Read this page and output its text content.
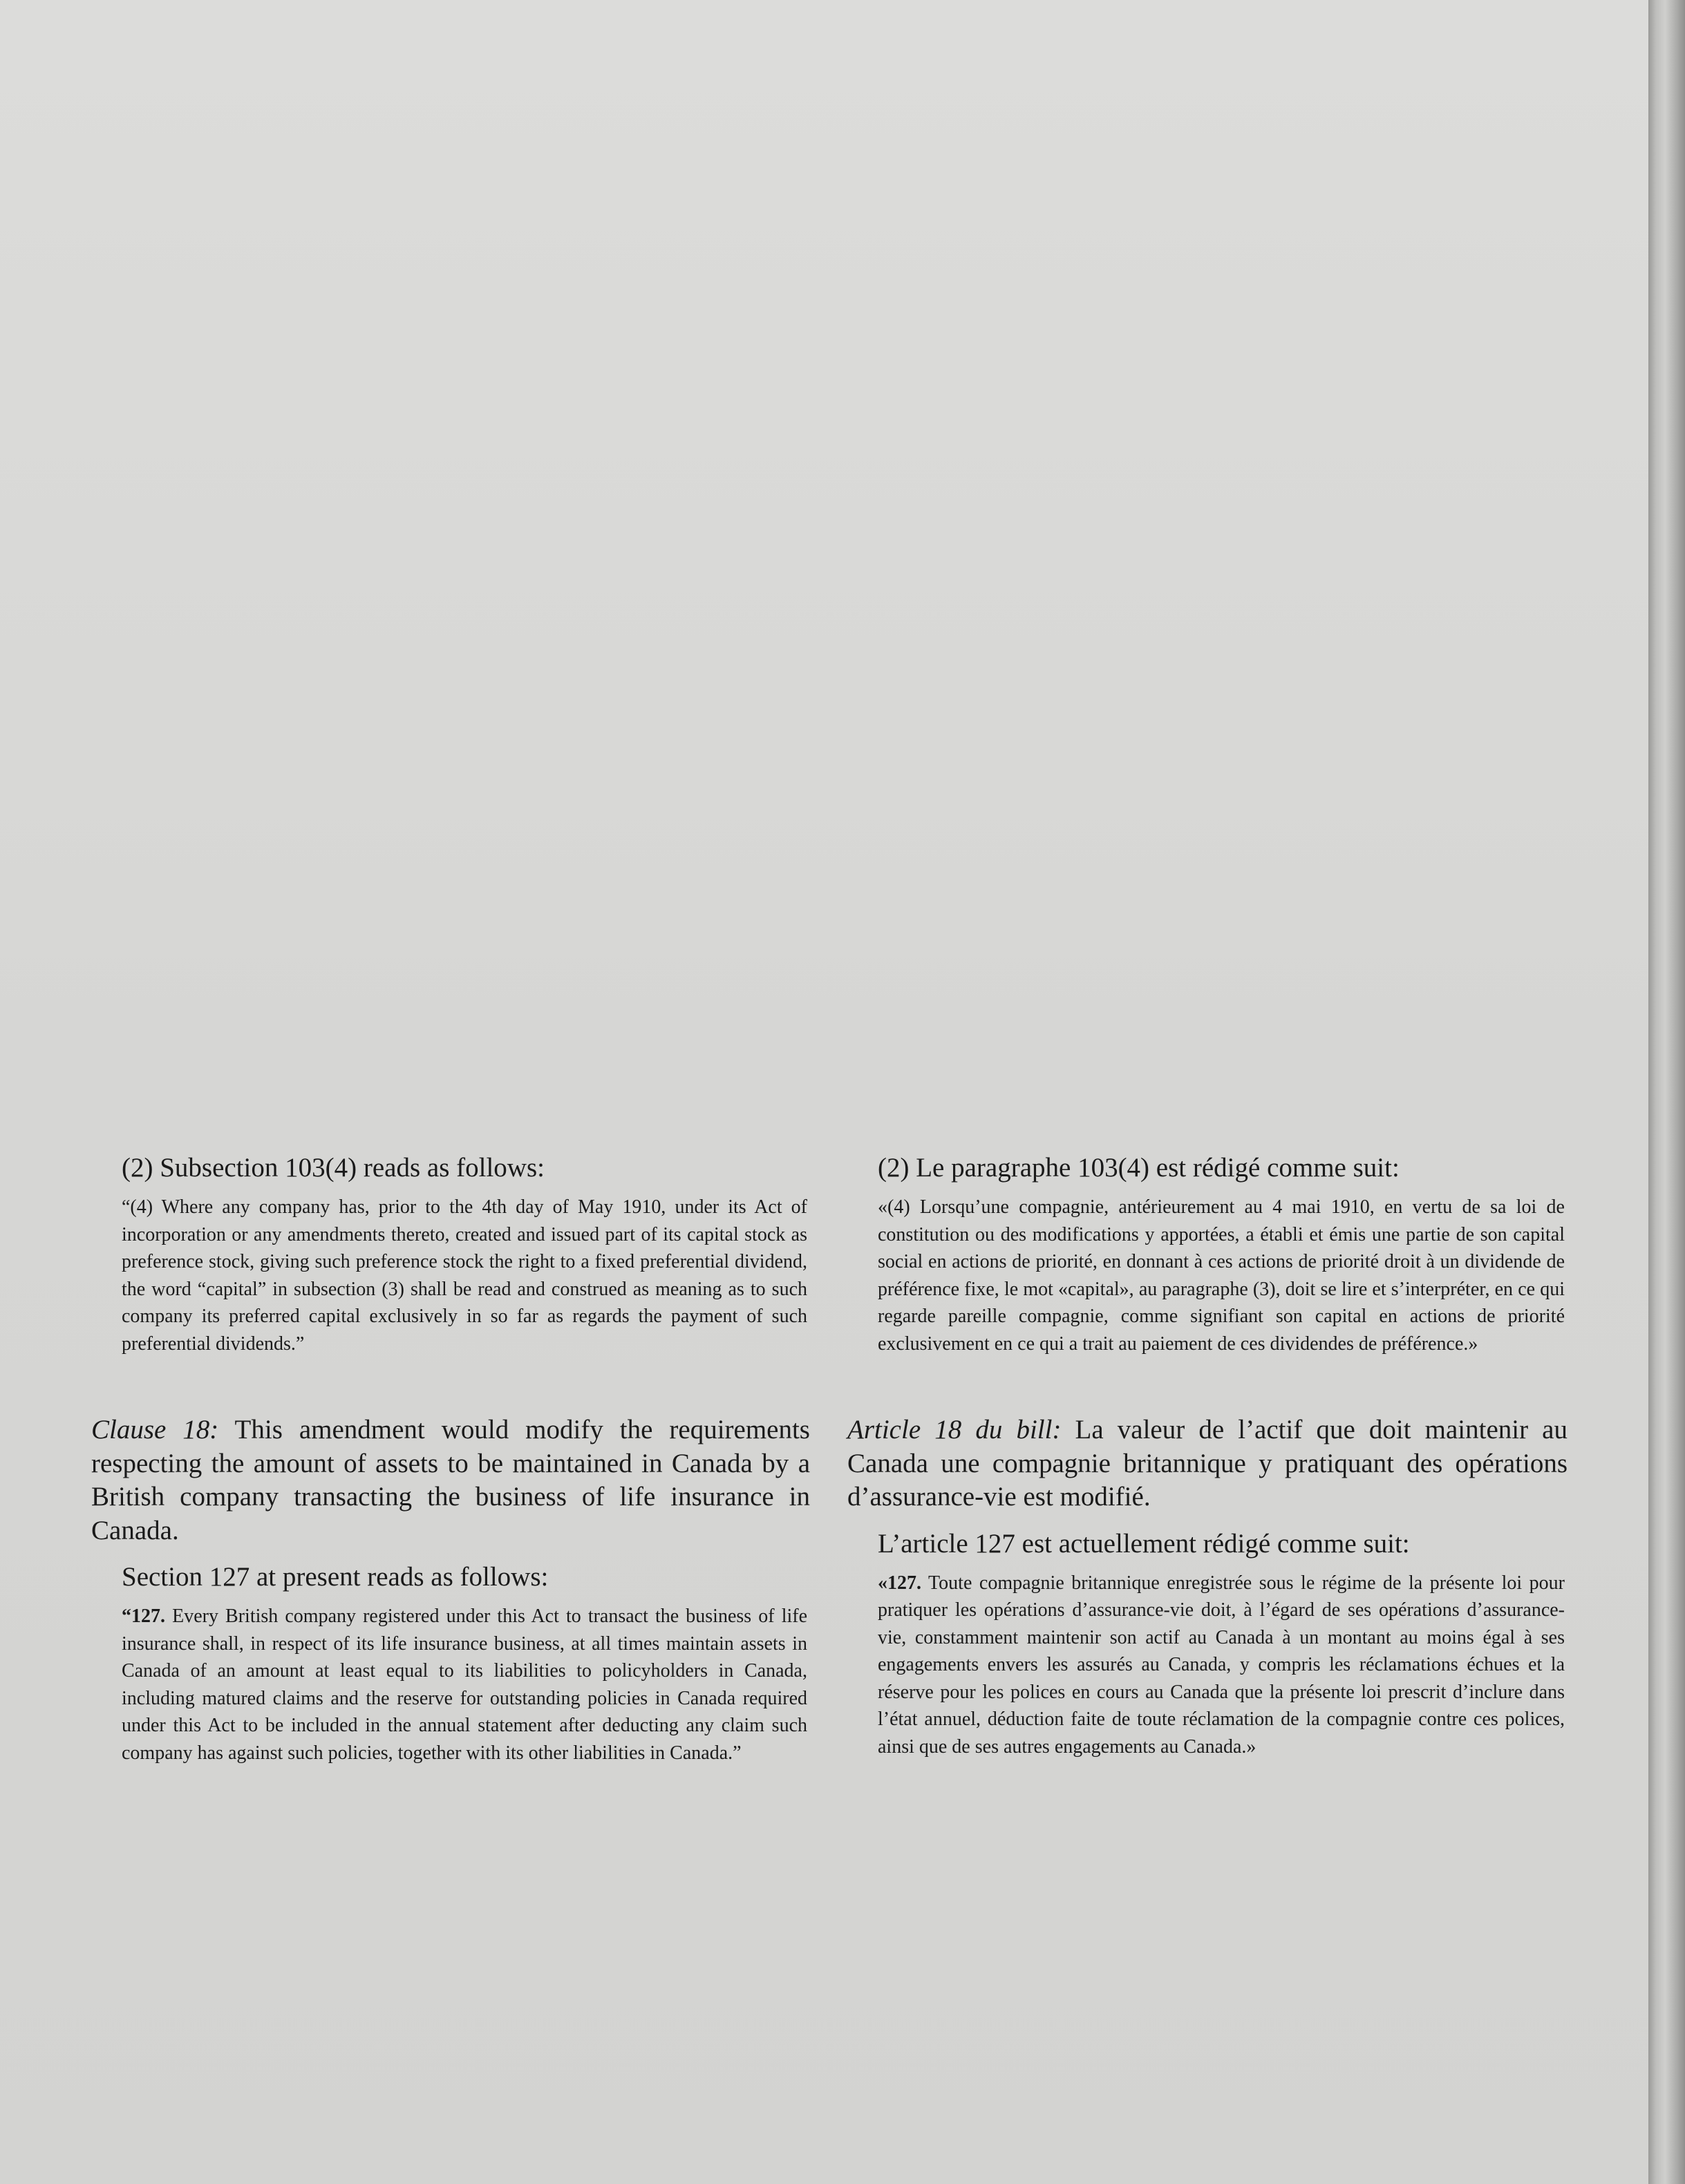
(2) Subsection 103(4) reads as follows:

“(4) Where any company has, prior to the 4th day of May 1910, under its Act of incorporation or any amendments thereto, created and issued part of its capital stock as preference stock, giving such preference stock the right to a fixed preferential dividend, the word “capital” in subsection (3) shall be read and construed as meaning as to such company its preferred capital exclusively in so far as regards the payment of such preferential dividends.”

Clause 18: This amendment would modify the requirements respecting the amount of assets to be maintained in Canada by a British company transacting the business of life insurance in Canada.

Section 127 at present reads as follows:

“127. Every British company registered under this Act to transact the business of life insurance shall, in respect of its life insurance business, at all times maintain assets in Canada of an amount at least equal to its liabilities to policyholders in Canada, including matured claims and the reserve for outstanding policies in Canada required under this Act to be included in the annual statement after deducting any claim such company has against such policies, together with its other liabilities in Canada.”

(2) Le paragraphe 103(4) est rédigé comme suit:

«(4) Lorsqu’une compagnie, antérieurement au 4 mai 1910, en vertu de sa loi de constitution ou des modifications y apportées, a établi et émis une partie de son capital social en actions de priorité, en donnant à ces actions de priorité droit à un dividende de préférence fixe, le mot «capital», au paragraphe (3), doit se lire et s’interpréter, en ce qui regarde pareille compagnie, comme signifiant son capital en actions de priorité exclusivement en ce qui a trait au paiement de ces dividendes de préférence.»

Article 18 du bill: La valeur de l’actif que doit maintenir au Canada une compagnie britannique y pratiquant des opérations d’assurance-vie est modifié.

L’article 127 est actuellement rédigé comme suit:

«127. Toute compagnie britannique enregistrée sous le régime de la présente loi pour pratiquer les opérations d’assurance-vie doit, à l’égard de ses opérations d’assurance-vie, constamment maintenir son actif au Canada à un montant au moins égal à ses engagements envers les assurés au Canada, y compris les réclamations échues et la réserve pour les polices en cours au Canada que la présente loi prescrit d’inclure dans l’état annuel, déduction faite de toute réclamation de la compagnie contre ces polices, ainsi que de ses autres engagements au Canada.»
